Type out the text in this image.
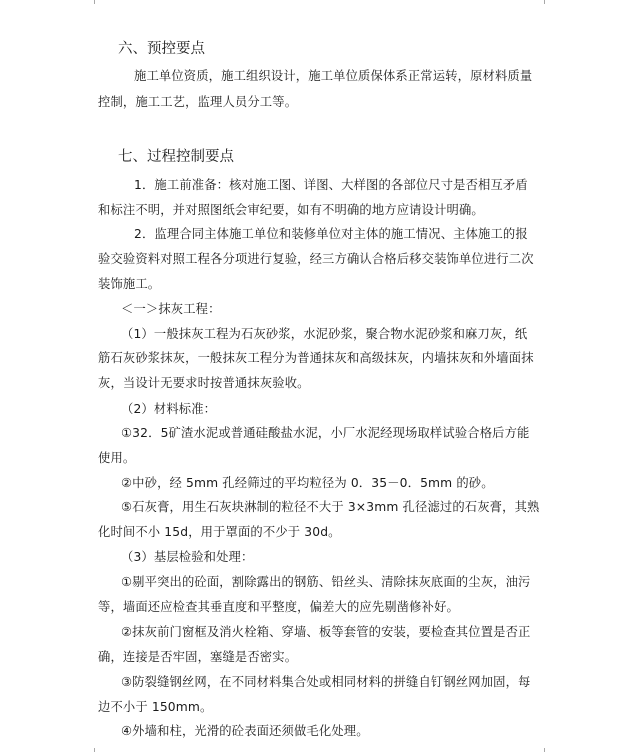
六、预控要点
施工单位资质，施工组织设计，施工单位质保体系正常运转，原材料质量
控制，施工工艺，监理人员分工等。
七、过程控制要点
1．施工前准备：核对施工图、详图、大样图的各部位尺寸是否相互矛盾
和标注不明，并对照图纸会审纪要，如有不明确的地方应请设计明确。
2．监理合同主体施工单位和装修单位对主体的施工情况、主体施工的报
验交验资料对照工程各分项进行复验，经三方确认合格后移交装饰单位进行二次
装饰施工。
＜一＞抹灰工程：
（1）一般抹灰工程为石灰砂浆，水泥砂浆，聚合物水泥砂浆和麻刀灰，纸
筋石灰砂浆抹灰，一般抹灰工程分为普通抹灰和高级抹灰，内墙抹灰和外墙面抹
灰，当设计无要求时按普通抹灰验收。
（2）材料标准：
①32．5矿渣水泥或普通硅酸盐水泥，小厂水泥经现场取样试验合格后方能
使用。
②中砂，经 5mm 孔经筛过的平均粒径为 0．35－0．5mm 的砂。
⑤石灰膏，用生石灰块淋制的粒径不大于 3×3mm 孔径滤过的石灰膏，其熟
化时间不小 15d，用于罩面的不少于 30d。
（3）基层检验和处理：
①剔平突出的砼面，割除露出的钢筋、铅丝头、清除抹灰底面的尘灰，油污
等，墙面还应检查其垂直度和平整度，偏差大的应先剔凿修补好。
②抹灰前门窗框及消火栓箱、穿墙、板等套管的安装，要检查其位置是否正
确，连接是否牢固，塞缝是否密实。
③防裂缝钢丝网，在不同材料集合处或相同材料的拼缝自钉钢丝网加固，每
边不小于 150mm。
④外墙和柱，光滑的砼表面还须做毛化处理。
